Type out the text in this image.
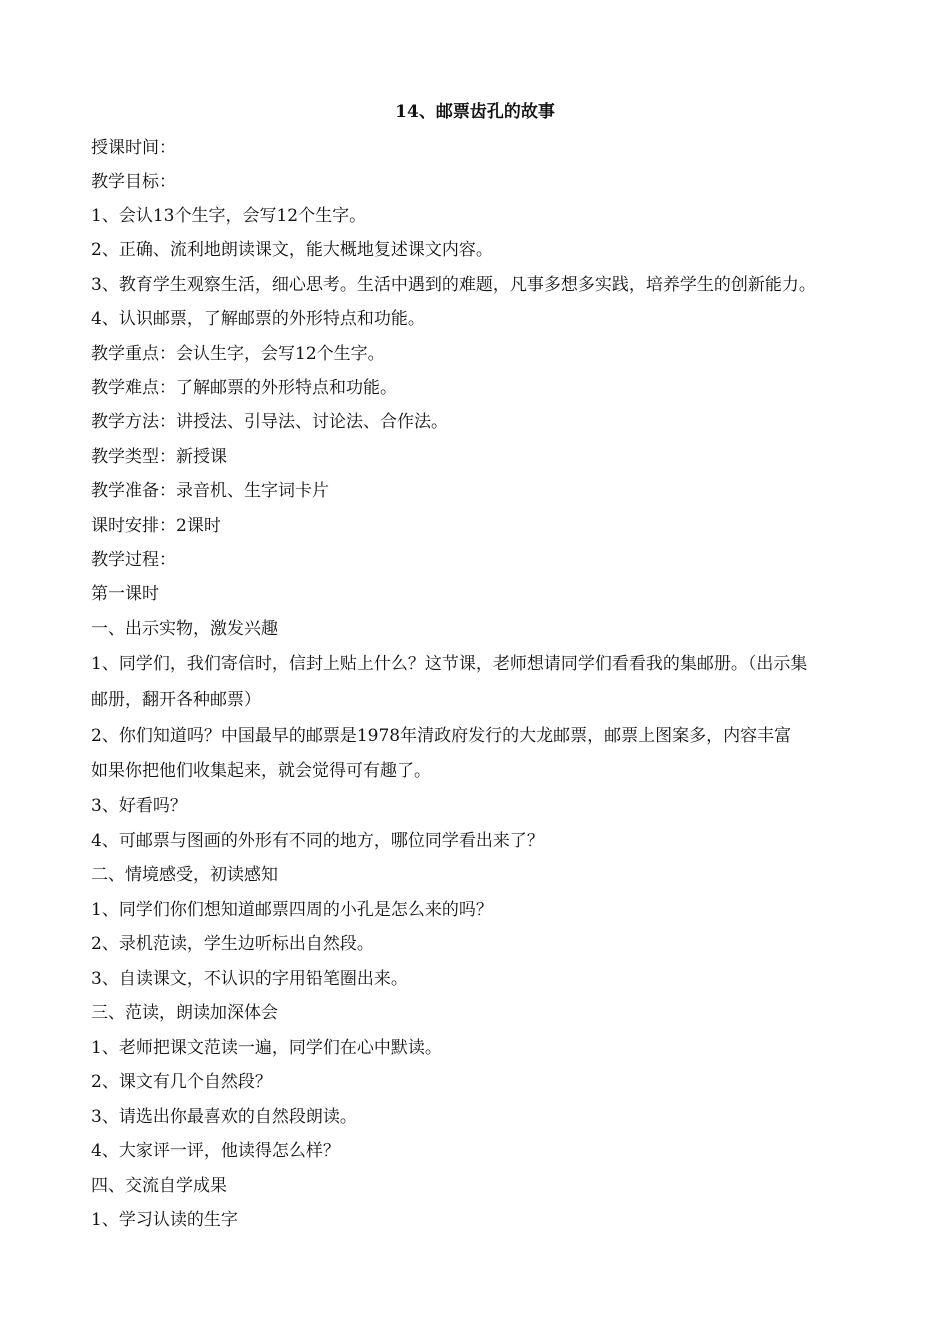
14、邮票齿孔的故事
授课时间：
教学目标：
1、会认13个生字，会写12个生字。
2、正确、流利地朗读课文，能大概地复述课文内容。
3、教育学生观察生活，细心思考。生活中遇到的难题，凡事多想多实践，培养学生的创新能力。
4、认识邮票，了解邮票的外形特点和功能。
教学重点：会认生字，会写12个生字。
教学难点：了解邮票的外形特点和功能。
教学方法：讲授法、引导法、讨论法、合作法。
教学类型：新授课
教学准备：录音机、生字词卡片
课时安排：2课时
教学过程：
第一课时
一、出示实物，激发兴趣
1、同学们，我们寄信时，信封上贴上什么？这节课，老师想请同学们看看我的集邮册。（出示集
邮册，翻开各种邮票）
2、你们知道吗？中国最早的邮票是1978年清政府发行的大龙邮票，邮票上图案多，内容丰富
如果你把他们收集起来，就会觉得可有趣了。
3、好看吗？
4、可邮票与图画的外形有不同的地方，哪位同学看出来了？
二、情境感受，初读感知
1、同学们你们想知道邮票四周的小孔是怎么来的吗？
2、录机范读，学生边听标出自然段。
3、自读课文，不认识的字用铅笔圈出来。
三、范读，朗读加深体会
1、老师把课文范读一遍，同学们在心中默读。
2、课文有几个自然段？
3、请选出你最喜欢的自然段朗读。
4、大家评一评，他读得怎么样？
四、交流自学成果
1、学习认读的生字
